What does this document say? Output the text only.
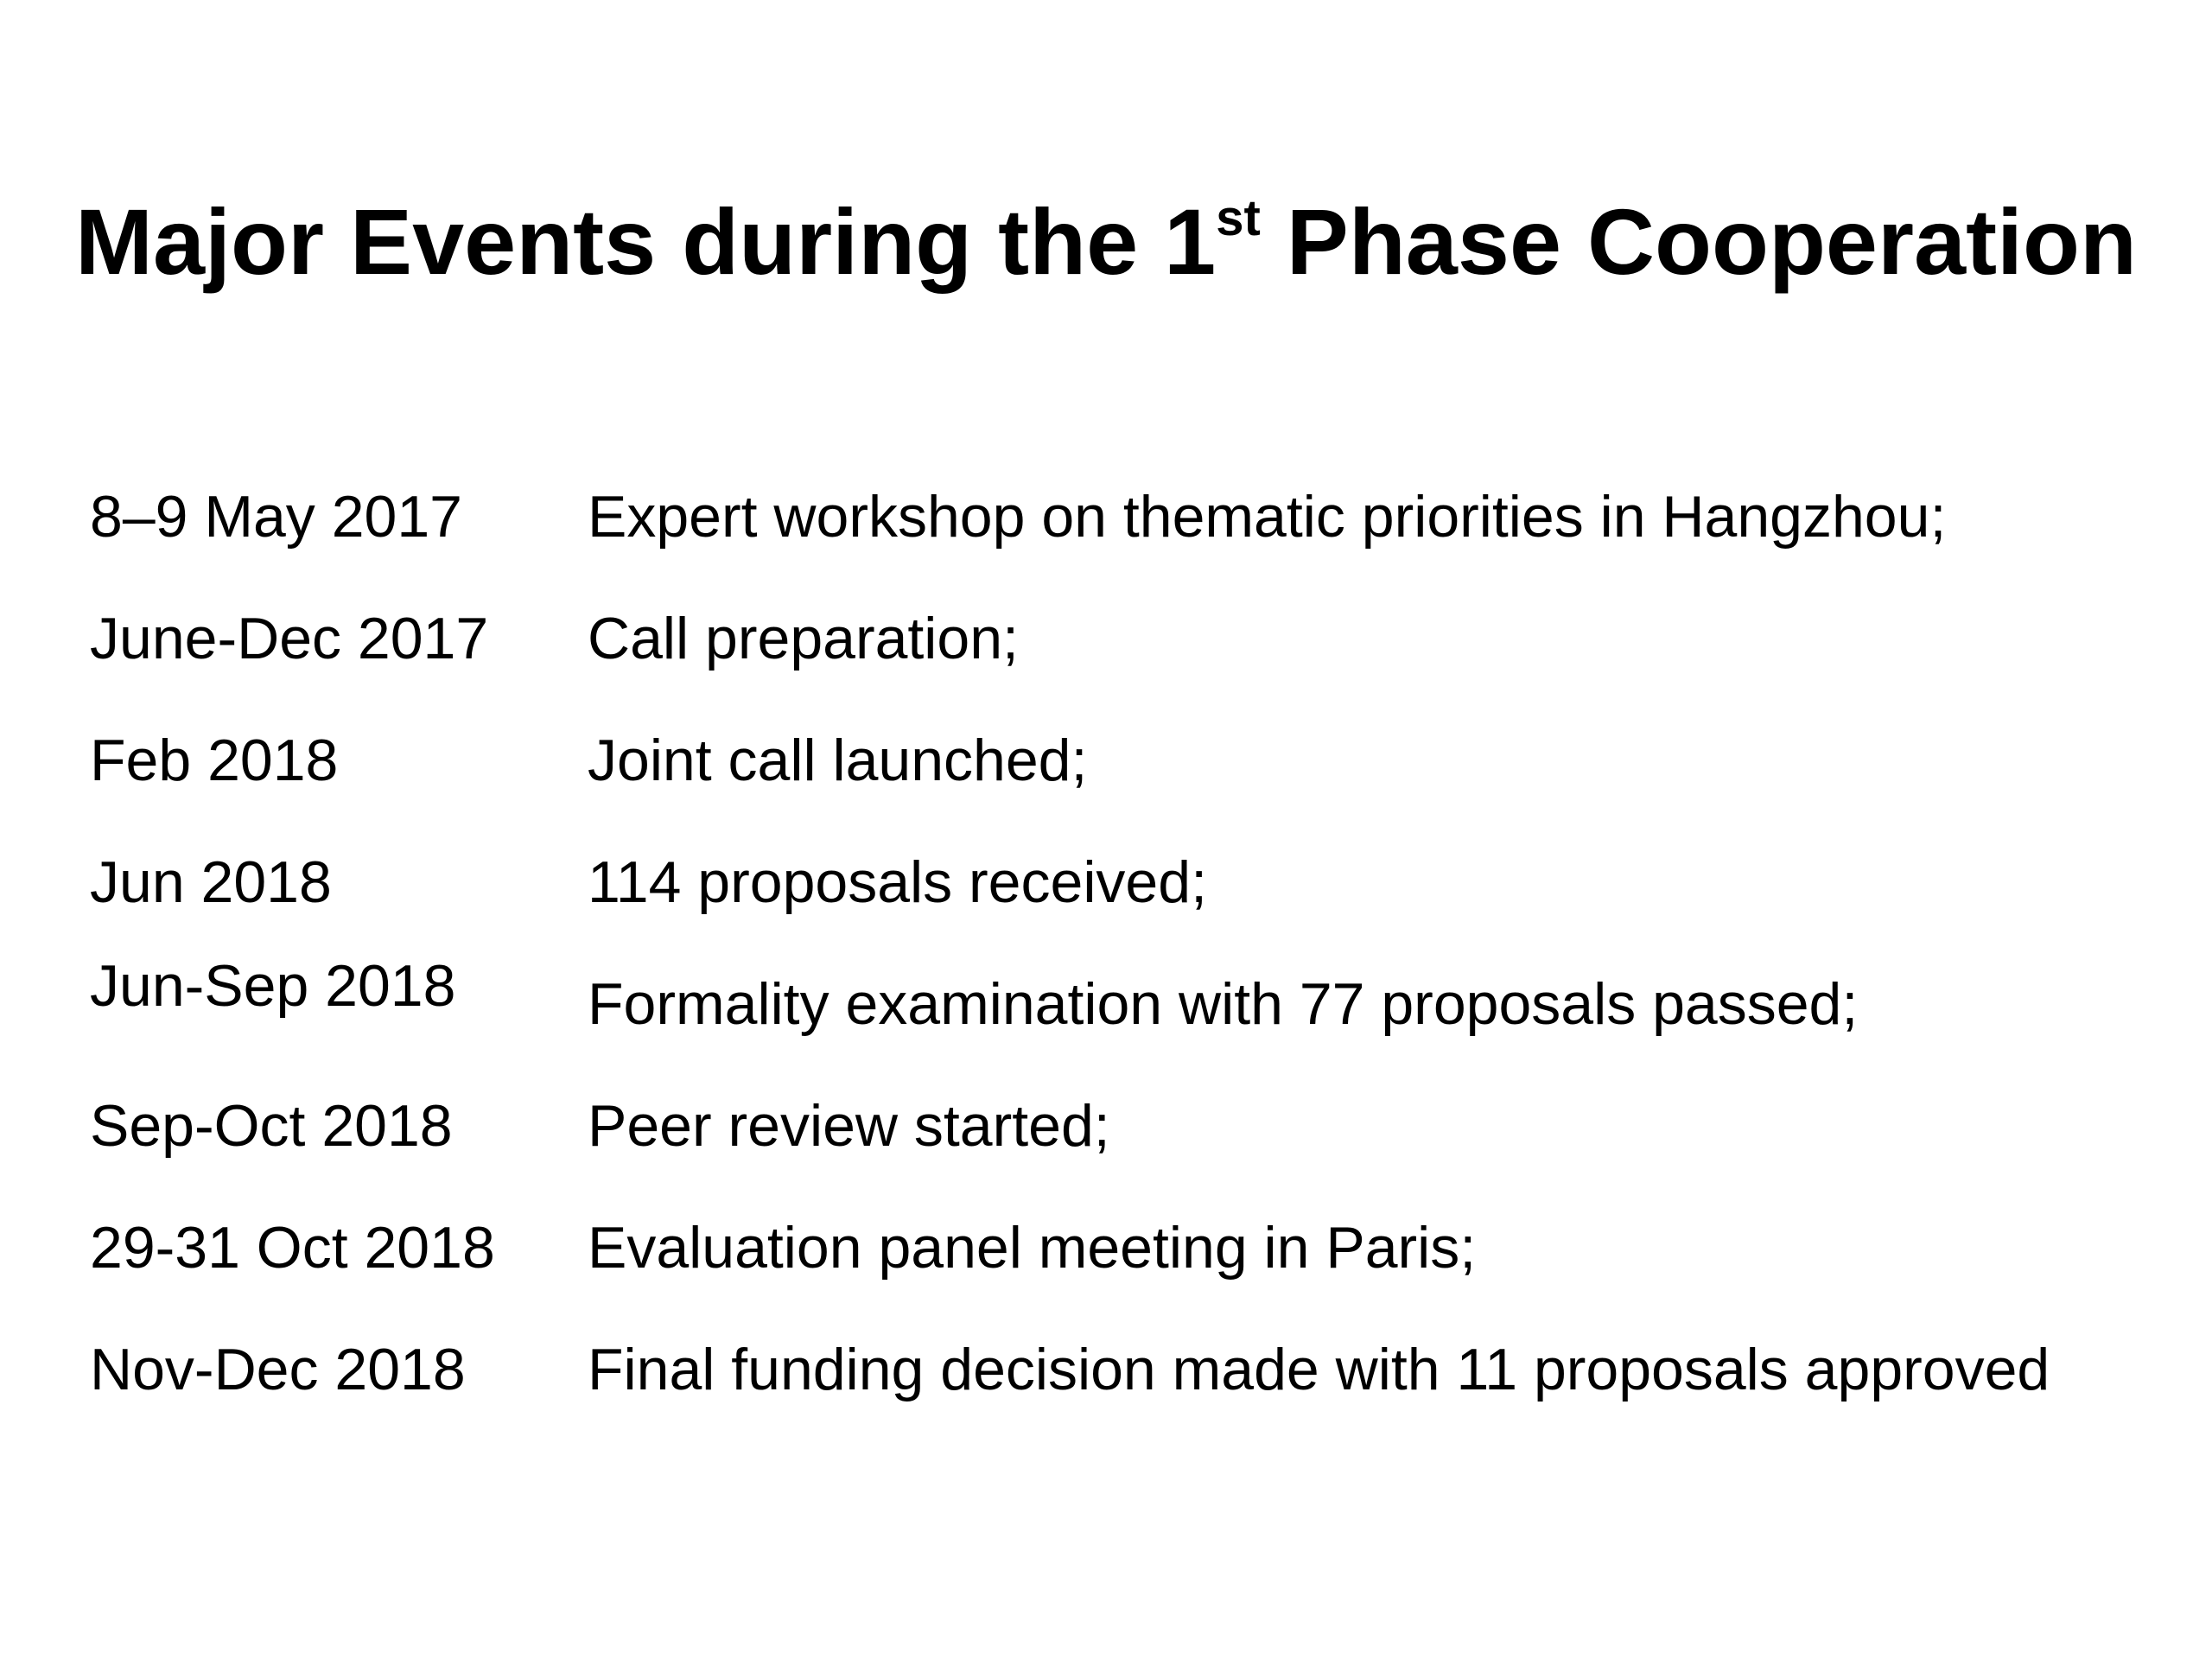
Major Events during the 1st Phase Cooperation
8–9 May 2017 Expert workshop on thematic priorities in Hangzhou;
June-Dec 2017 Call preparation;
Feb 2018	Joint call launched;
Jun 2018	114 proposals received;
Jun-Sep 2018 Formality examination with 77 proposals passed;
Sep-Oct 2018 Peer review started;
29-31 Oct 2018 Evaluation panel meeting in Paris;
Nov-Dec 2018 Final funding decision made with 11 proposals approved
